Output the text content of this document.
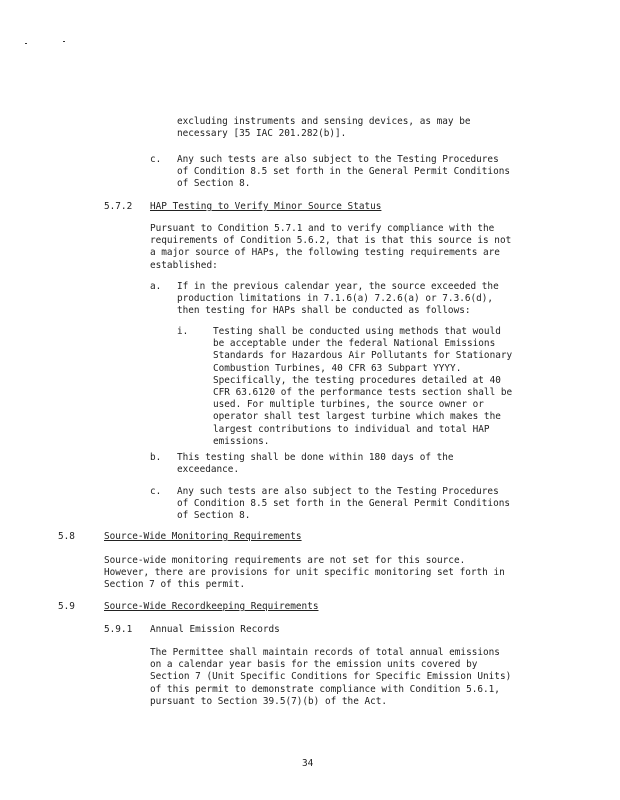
excluding instruments and sensing devices, as may be
necessary [35 IAC 201.282(b)].
c. Any such tests are also subject to the Testing Procedures
of Condition 8.5 set forth in the General Permit Conditions
of Section 8.
5.7.2 HAP Testing to Verify Minor Source Status
Pursuant to Condition 5.7.1 and to verify compliance with the
requirements of Condition 5.6.2, that is that this source is not
a major source of HAPs, the following testing requirements are
established:
a. If in the previous calendar year, the source exceeded the
production limitations in 7.1.6(a) 7.2.6(a) or 7.3.6(d),
then testing for HAPs shall be conducted as follows:
i.	Testing shall be conducted using methods that would
be acceptable under the federal National Emissions
Standards for Hazardous Air Pollutants for Stationary
Combustion Turbines, 40 CFR 63 Subpart YYYY.
Specifically, the testing procedures detailed at 40
CFR 63.6120 of the performance tests section shall be
used. For multiple turbines, the source owner or
operator shall test largest turbine which makes the
largest contributions to individual and total HAP
emissions.
b. This testing shall be done within 180 days of the
exceedance.
c. Any such tests are also subject to the Testing Procedures
of Condition 8.5 set forth in the General Permit Conditions
of Section 8.
5.8	Source-Wide Monitoring Requirements
Source-wide monitoring requirements are not set for this source.
However, there are provisions for unit specific monitoring set forth in
Section 7 of this permit.
5.9	Source-Wide Recordkeeping Requirements
5.9.1 Annual Emission Records
The Permittee shall maintain records of total annual emissions
on a calendar year basis for the emission units covered by
Section 7 (Unit Specific Conditions for Specific Emission Units)
of this permit to demonstrate compliance with Condition 5.6.1,
pursuant to Section 39.5(7)(b) of the Act.
34
